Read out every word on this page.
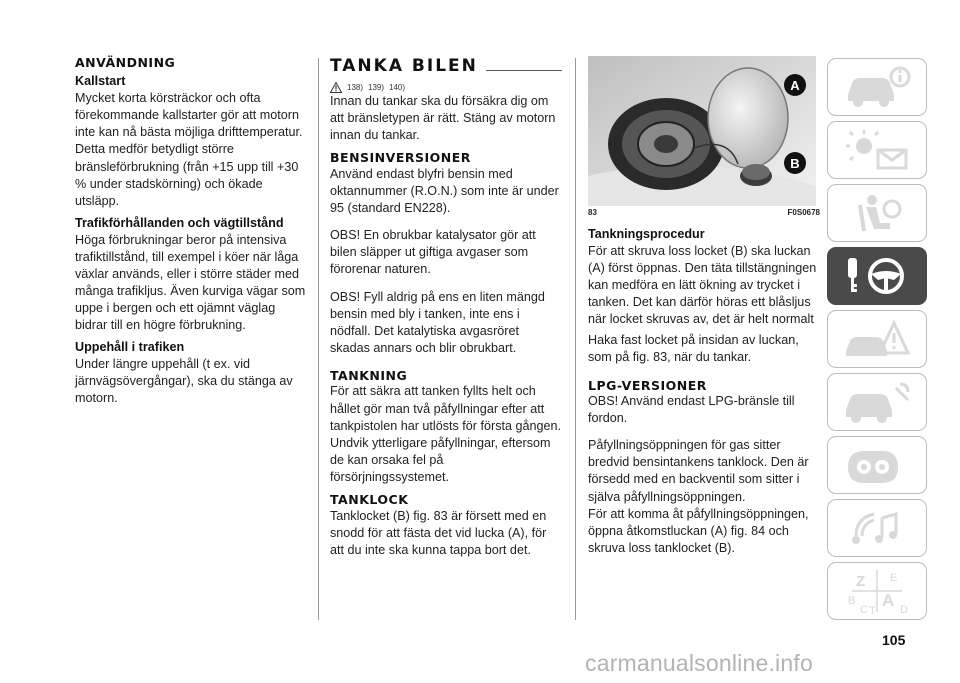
ANVÄNDNING
Kallstart
Mycket korta körsträckor och ofta förekommande kallstarter gör att motorn inte kan nå bästa möjliga drifttemperatur. Detta medför betydligt större bränsleförbrukning (från +15 upp till +30 % under stadskörning) och ökade utsläpp.
Trafikförhållanden och vägtillstånd
Höga förbrukningar beror på intensiva trafiktillstånd, till exempel i köer när låga växlar används, eller i större städer med många trafikljus. Även kurviga vägar som uppe i bergen och ett ojämnt väglag bidrar till en högre förbrukning.
Uppehåll i trafiken
Under längre uppehåll (t ex. vid järnvägsövergångar), ska du stänga av motorn.
TANKA BILEN
138) 139) 140)
Innan du tankar ska du försäkra dig om att bränsletypen är rätt. Stäng av motorn innan du tankar.
BENSINVERSIONER
Använd endast blyfri bensin med oktannummer (R.O.N.) som inte är under 95 (standard EN228).
OBS! En obrukbar katalysator gör att bilen släpper ut giftiga avgaser som förorenar naturen.
OBS! Fyll aldrig på ens en liten mängd bensin med bly i tanken, inte ens i nödfall. Det katalytiska avgasröret skadas annars och blir obrukbart.
TANKNING
För att säkra att tanken fyllts helt och hållet gör man två påfyllningar efter att tankpistolen har utlösts för första gången. Undvik ytterligare påfyllningar, eftersom de kan orsaka fel på försörjningssystemet.
TANKLOCK
Tanklocket (B) fig. 83 är försett med en snodd för att fästa det vid lucka (A), för att du inte ska kunna tappa bort det.
A
B
83	F0S0678
Tankningsprocedur
För att skruva loss locket (B) ska luckan (A) först öppnas. Den täta tillstängningen kan medföra en lätt ökning av trycket i tanken. Det kan därför höras ett blåsljus när locket skruvas av, det är helt normalt
Haka fast locket på insidan av luckan, som på fig. 83, när du tankar.
LPG-VERSIONER
OBS! Använd endast LPG-bränsle till fordon.
Påfyllningsöppningen för gas sitter bredvid bensintankens tanklock. Den är försedd med en backventil som sitter i själva påfyllningsöppningen.
För att komma åt påfyllningsöppningen, öppna åtkomstluckan (A) fig. 84 och skruva loss tanklocket (B).
Z E
B A
C T D
105
carmanualsonline.info
